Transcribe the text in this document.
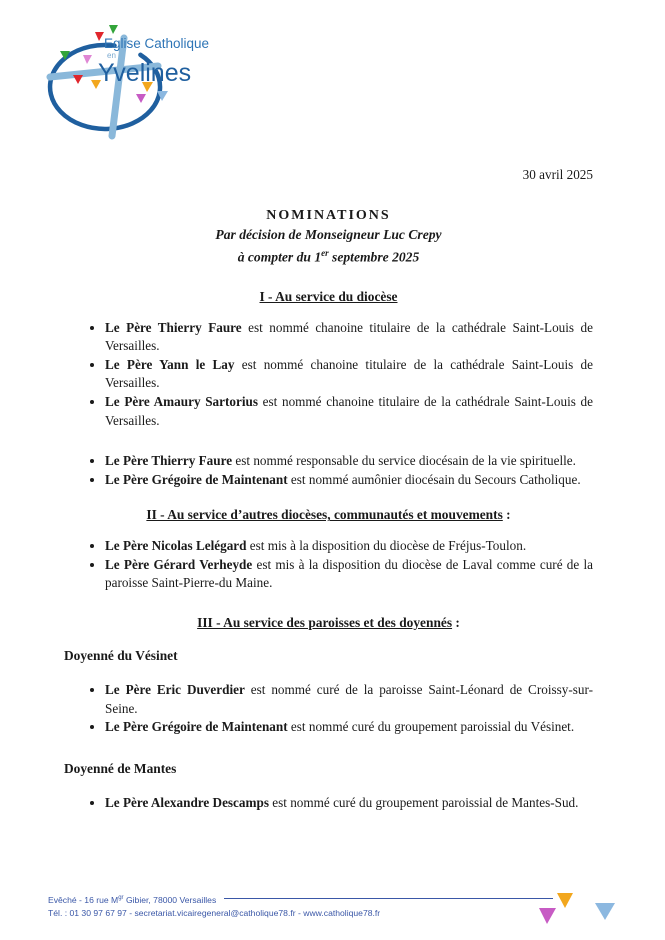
Eglise Catholique
en
Yvelines
30 avril 2025
NOMINATIONS
Par décision de Monseigneur Luc Crepy
à compter du 1er septembre 2025
I - Au service du diocèse
• Le Père Thierry Faure est nommé chanoine titulaire de la cathédrale Saint-Louis de Versailles.
• Le Père Yann le Lay est nommé chanoine titulaire de la cathédrale Saint-Louis de Versailles.
• Le Père Amaury Sartorius est nommé chanoine titulaire de la cathédrale Saint-Louis de Versailles.
• Le Père Thierry Faure est nommé responsable du service diocésain de la vie spirituelle.
• Le Père Grégoire de Maintenant est nommé aumônier diocésain du Secours Catholique.
II - Au service d’autres diocèses, communautés et mouvements :
• Le Père Nicolas Lelégard est mis à la disposition du diocèse de Fréjus-Toulon.
• Le Père Gérard Verheyde est mis à la disposition du diocèse de Laval comme curé de la paroisse Saint-Pierre-du Maine.
III - Au service des paroisses et des doyennés :
Doyenné du Vésinet
• Le Père Eric Duverdier est nommé curé de la paroisse Saint-Léonard de Croissy-sur-Seine.
• Le Père Grégoire de Maintenant est nommé curé du groupement paroissial du Vésinet.
Doyenné de Mantes
• Le Père Alexandre Descamps est nommé curé du groupement paroissial de Mantes-Sud.
Evêché - 16 rue $M^{gr}$ Gibier, 78000 Versailles
Tél. : 01 30 97 67 97 - secretariat.vicairegeneral@catholique78.fr - www.catholique78.fr
